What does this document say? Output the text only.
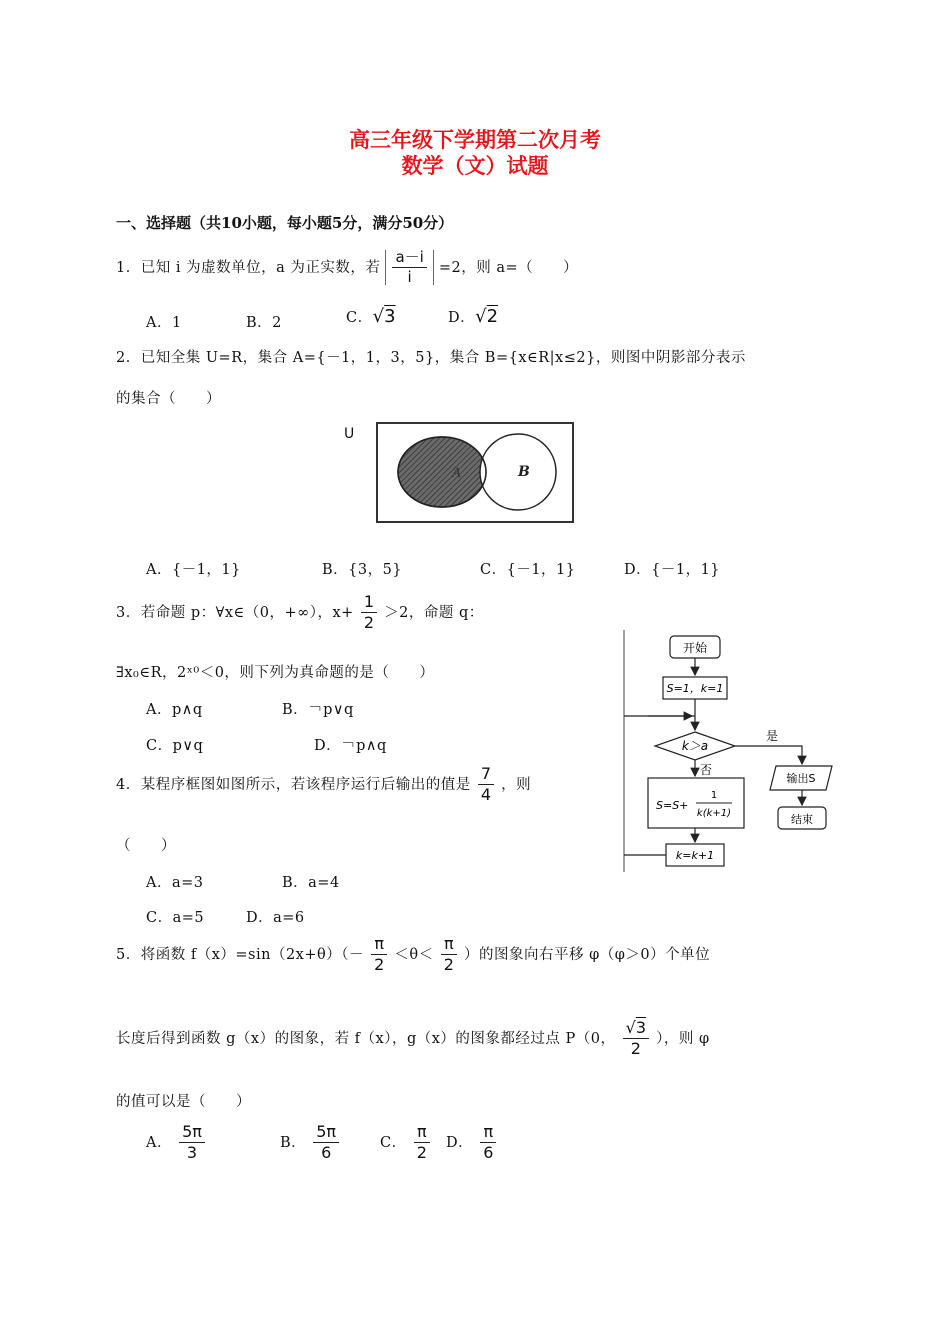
高三年级下学期第二次月考
数学（文）试题
一、选择题（共10小题，每小题5分，满分50分）
1．已知 i 为虚数单位，a 为正实数，若 $\frac{a-i}{i} =2$，则 a=（　　）
A．1	B．2	C．√3	D．√2
2．已知全集 U=R，集合 A={－1，1，3，5}，集合 B={x∈R|x≤2}，则图中阴影部分表示
的集合（　　）
U
A	B
A．{－1，1}	B．{3，5}	C．{－1，1}	D．{－1，1}
3．若命题 p：∀x∈（0，+∞），$x+ \frac{1}{2} >2$，命题 q：
∃x₀∈R，2ˣ⁰＜0，则下列为真命题的是（　　）
A．p∧q	B．￢p∨q
C．p∨q	D．￢p∧q
4．某程序框图如图所示，若该程序运行后输出的值是 $\frac{7}{4}$ ，则
（　　）
A．a=3	B．a=4
C．a=5	D．a=6
开始
S=1，k=1
k＞a
是
否
S=S+
1
k(k+1)
k=k+1
输出S
结束
5．将函数 $f(x)=\sin(2x+\theta)(- \frac{\pi}{2} <\theta< \frac{\pi}{2}$ ）的图象向右平移 φ（φ＞0）个单位
长度后得到函数 g（x）的图象，若 f（x），g（x）的图象都经过点 P（0， $\frac{√3}{2}$ ），则 φ
的值可以是（　　）
A． $\frac{5\pi}{3}$	B． $\frac{5\pi}{6}$	C． $\frac{\pi}{2}$ D． $\frac{\pi}{6}$
